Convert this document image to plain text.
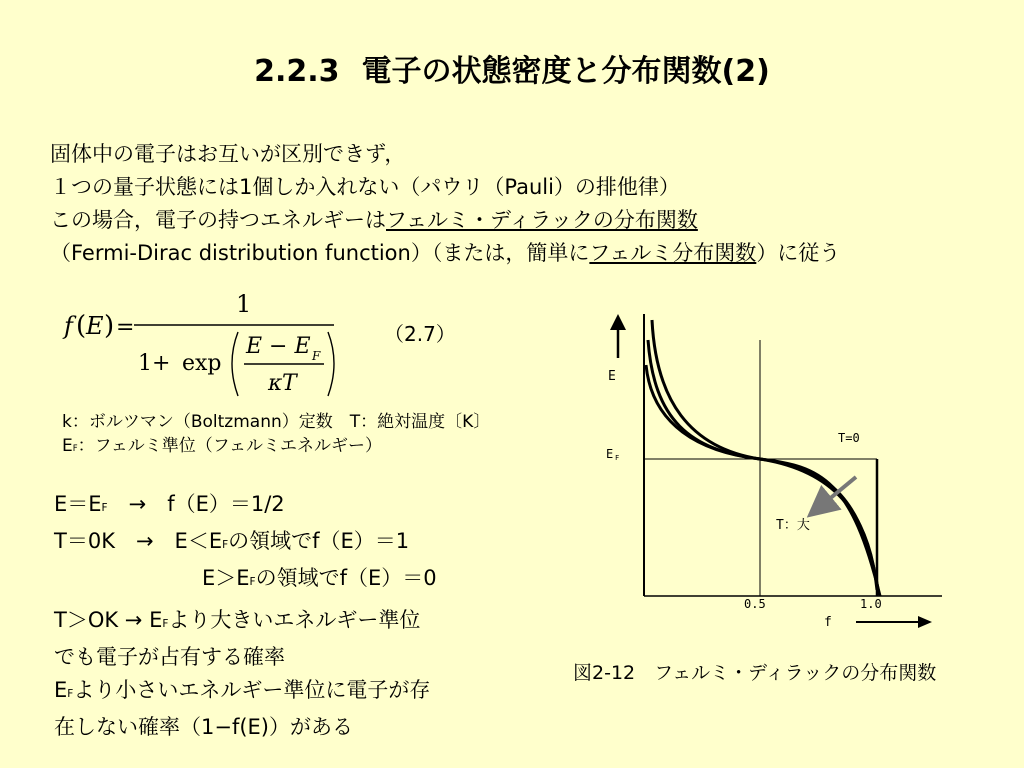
2.2.3 電子の状態密度と分布関数(2)
固体中の電子はお互いが区別できず，
１つの量子状態には1個しか入れない（パウリ（Pauli）の排他律）
この場合，電子の持つエネルギーはフェルミ・ディラックの分布関数
（Fermi-Dirac distribution function）（または，簡単にフェルミ分布関数）に従う
f ( E ) =
1
1+ exp
E − E F
κ T
（2.7）
k：ボルツマン（Boltzmann）定数　T：絶対温度〔K〕
EF：フェルミ準位（フェルミエネルギー）
E＝EF　→　f（E）＝1/2
T＝0K　→　E＜EFの領域でf（E）＝1
E＞EFの領域でf（E）＝0
T＞OK → EFより大きいエネルギー準位
でも電子が占有する確率
EFより小さいエネルギー準位に電子が存
在しない確率（1−f(E)）がある
E
E F
T=0
T：大
0.5	1.0
f
図2-12　フェルミ・ディラックの分布関数
